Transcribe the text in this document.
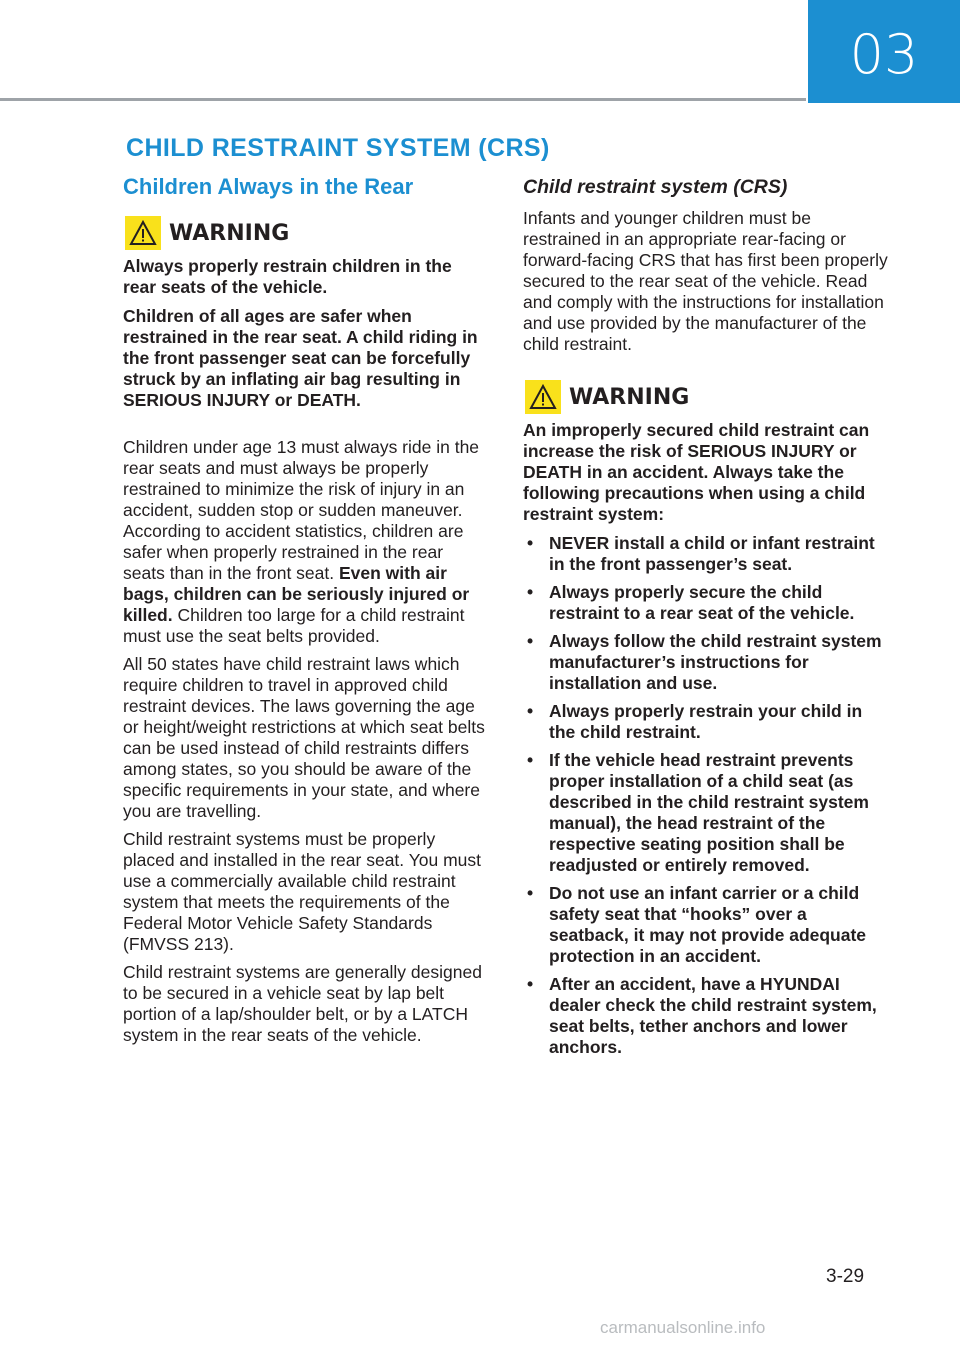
03
CHILD RESTRAINT SYSTEM (CRS)
Children Always in the Rear
WARNING

Always properly restrain children in the rear seats of the vehicle.

Children of all ages are safer when restrained in the rear seat. A child riding in the front passenger seat can be forcefully struck by an inflating air bag resulting in SERIOUS INJURY or DEATH.

Children under age 13 must always ride in the rear seats and must always be properly restrained to minimize the risk of injury in an accident, sudden stop or sudden maneuver. According to accident statistics, children are safer when properly restrained in the rear seats than in the front seat. Even with air bags, children can be seriously injured or killed. Children too large for a child restraint must use the seat belts provided.

All 50 states have child restraint laws which require children to travel in approved child restraint devices. The laws governing the age or height/weight restrictions at which seat belts can be used instead of child restraints differs among states, so you should be aware of the specific requirements in your state, and where you are travelling.

Child restraint systems must be properly placed and installed in the rear seat. You must use a commercially available child restraint system that meets the requirements of the Federal Motor Vehicle Safety Standards (FMVSS 213).

Child restraint systems are generally designed to be secured in a vehicle seat by lap belt portion of a lap/shoulder belt, or by a LATCH system in the rear seats of the vehicle.

Child restraint system (CRS)

Infants and younger children must be restrained in an appropriate rear-facing or forward-facing CRS that has first been properly secured to the rear seat of the vehicle. Read and comply with the instructions for installation and use provided by the manufacturer of the child restraint.

WARNING

An improperly secured child restraint can increase the risk of SERIOUS INJURY or DEATH in an accident. Always take the following precautions when using a child restraint system:

• NEVER install a child or infant restraint in the front passenger’s seat.
• Always properly secure the child restraint to a rear seat of the vehicle.
• Always follow the child restraint system manufacturer’s instructions for installation and use.
• Always properly restrain your child in the child restraint.
• If the vehicle head restraint prevents proper installation of a child seat (as described in the child restraint system manual), the head restraint of the respective seating position shall be readjusted or entirely removed.
• Do not use an infant carrier or a child safety seat that “hooks” over a seatback, it may not provide adequate protection in an accident.
• After an accident, have a HYUNDAI dealer check the child restraint system, seat belts, tether anchors and lower anchors.
3-29
carmanualsonline.info
